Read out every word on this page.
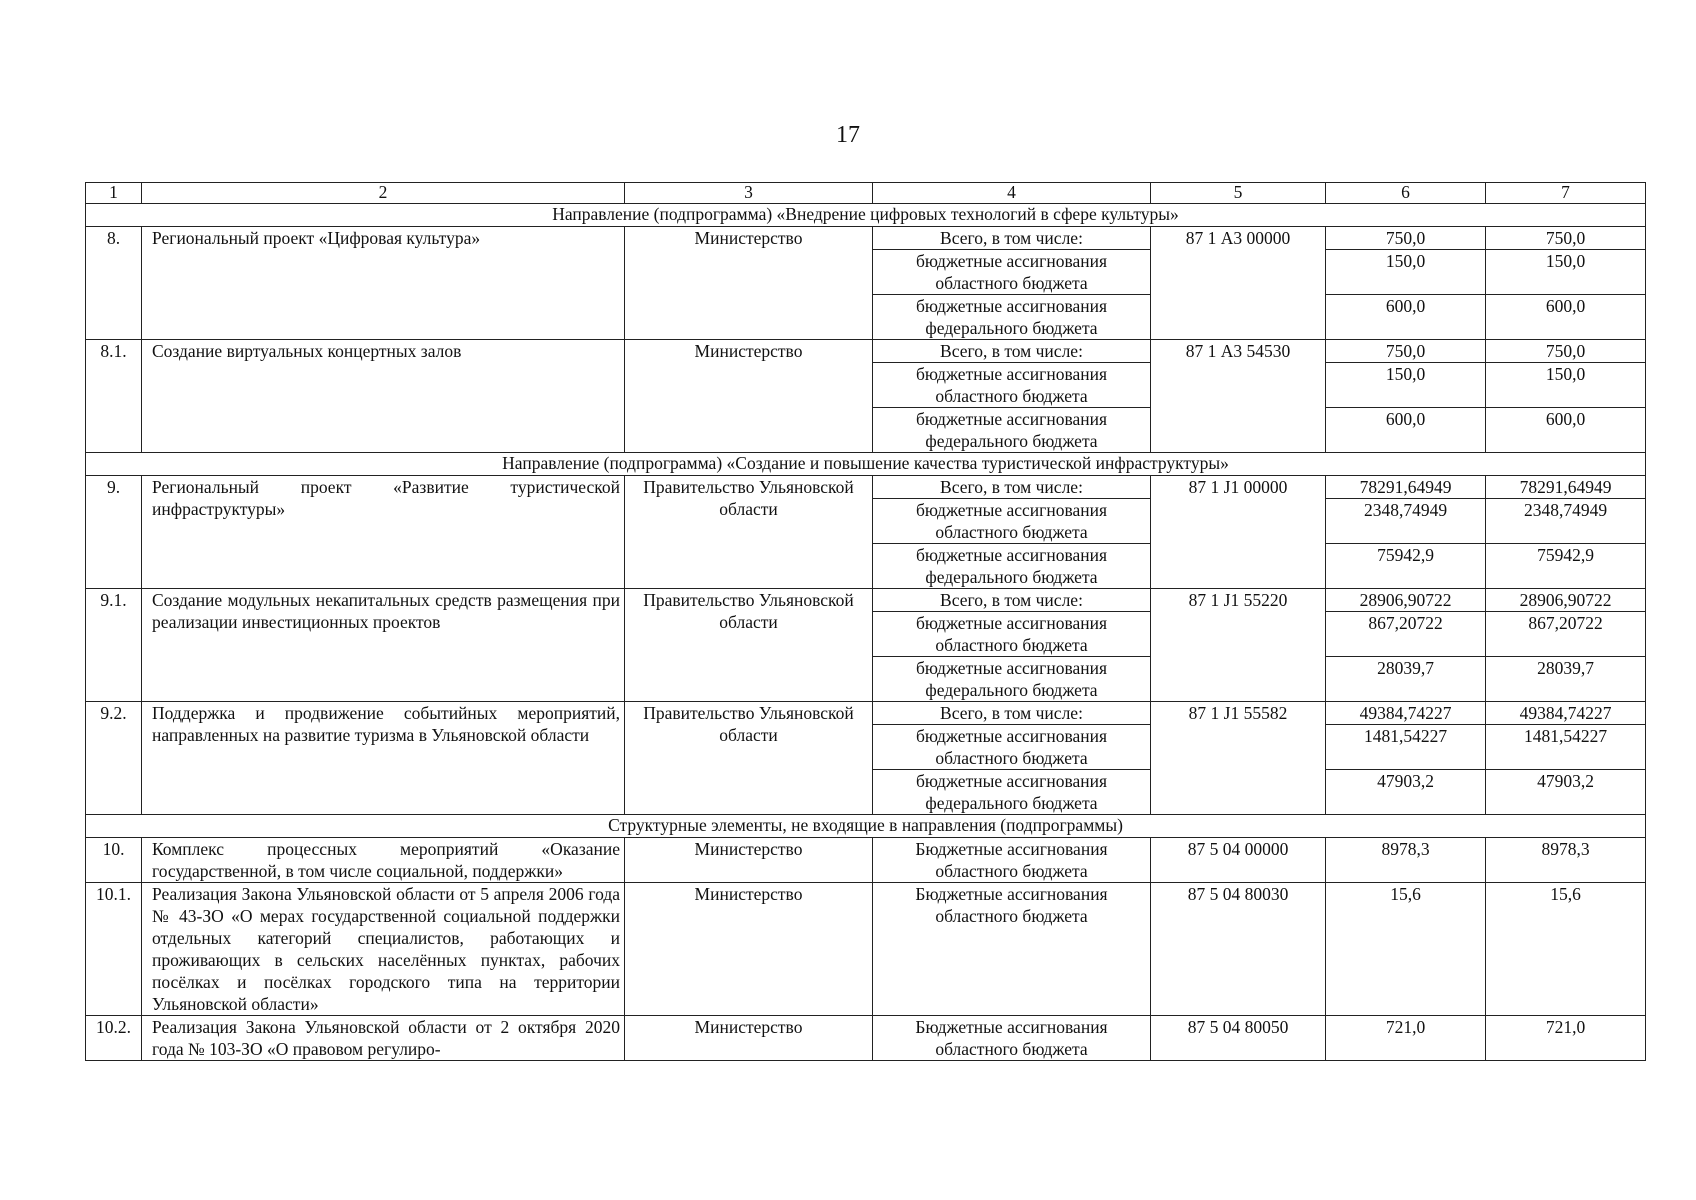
17
1	2	3	4	5	6	7
Направление (подпрограмма) «Внедрение цифровых технологий в сфере культуры»						
8.	Региональный проект «Цифровая культура»	Министерство	Всего, в том числе:	87 1 А3 00000	750,0	750,0
			бюджетные ассигнования областного бюджета		150,0	150,0
			бюджетные ассигнования федерального бюджета		600,0	600,0
8.1.	Создание виртуальных концертных залов	Министерство	Всего, в том числе:	87 1 А3 54530	750,0	750,0
			бюджетные ассигнования областного бюджета		150,0	150,0
			бюджетные ассигнования федерального бюджета		600,0	600,0
Направление (подпрограмма) «Создание и повышение качества туристической инфраструктуры»						
9.	Региональный проект «Развитие туристической инфраструктуры»	Правительство Ульяновской области	Всего, в том числе:	87 1 J1 00000	78291,64949	78291,64949
			бюджетные ассигнования областного бюджета		2348,74949	2348,74949
			бюджетные ассигнования федерального бюджета		75942,9	75942,9
9.1.	Создание модульных некапитальных средств размещения при реализации инвестиционных проектов	Правительство Ульяновской области	Всего, в том числе:	87 1 J1 55220	28906,90722	28906,90722
			бюджетные ассигнования областного бюджета		867,20722	867,20722
			бюджетные ассигнования федерального бюджета		28039,7	28039,7
9.2.	Поддержка и продвижение событийных мероприятий, направленных на развитие туризма в Ульяновской области	Правительство Ульяновской области	Всего, в том числе:	87 1 J1 55582	49384,74227	49384,74227
			бюджетные ассигнования областного бюджета		1481,54227	1481,54227
			бюджетные ассигнования федерального бюджета		47903,2	47903,2
Структурные элементы, не входящие в направления (подпрограммы)						
10.	Комплекс процессных мероприятий «Оказание государственной, в том числе социальной, поддержки»	Министерство	Бюджетные ассигнования областного бюджета	87 5 04 00000	8978,3	8978,3
10.1.	Реализация Закона Ульяновской области от 5 апреля 2006 года № 43-ЗО «О мерах государственной социальной поддержки отдельных категорий специалистов, работающих и проживающих в сельских населённых пунктах, рабочих посёлках и посёлках городского типа на территории Ульяновской области»	Министерство	Бюджетные ассигнования областного бюджета	87 5 04 80030	15,6	15,6
10.2.	Реализация Закона Ульяновской области от 2 октября 2020 года № 103-ЗО «О правовом регулиро-	Министерство	Бюджетные ассигнования областного бюджета	87 5 04 80050	721,0	721,0
